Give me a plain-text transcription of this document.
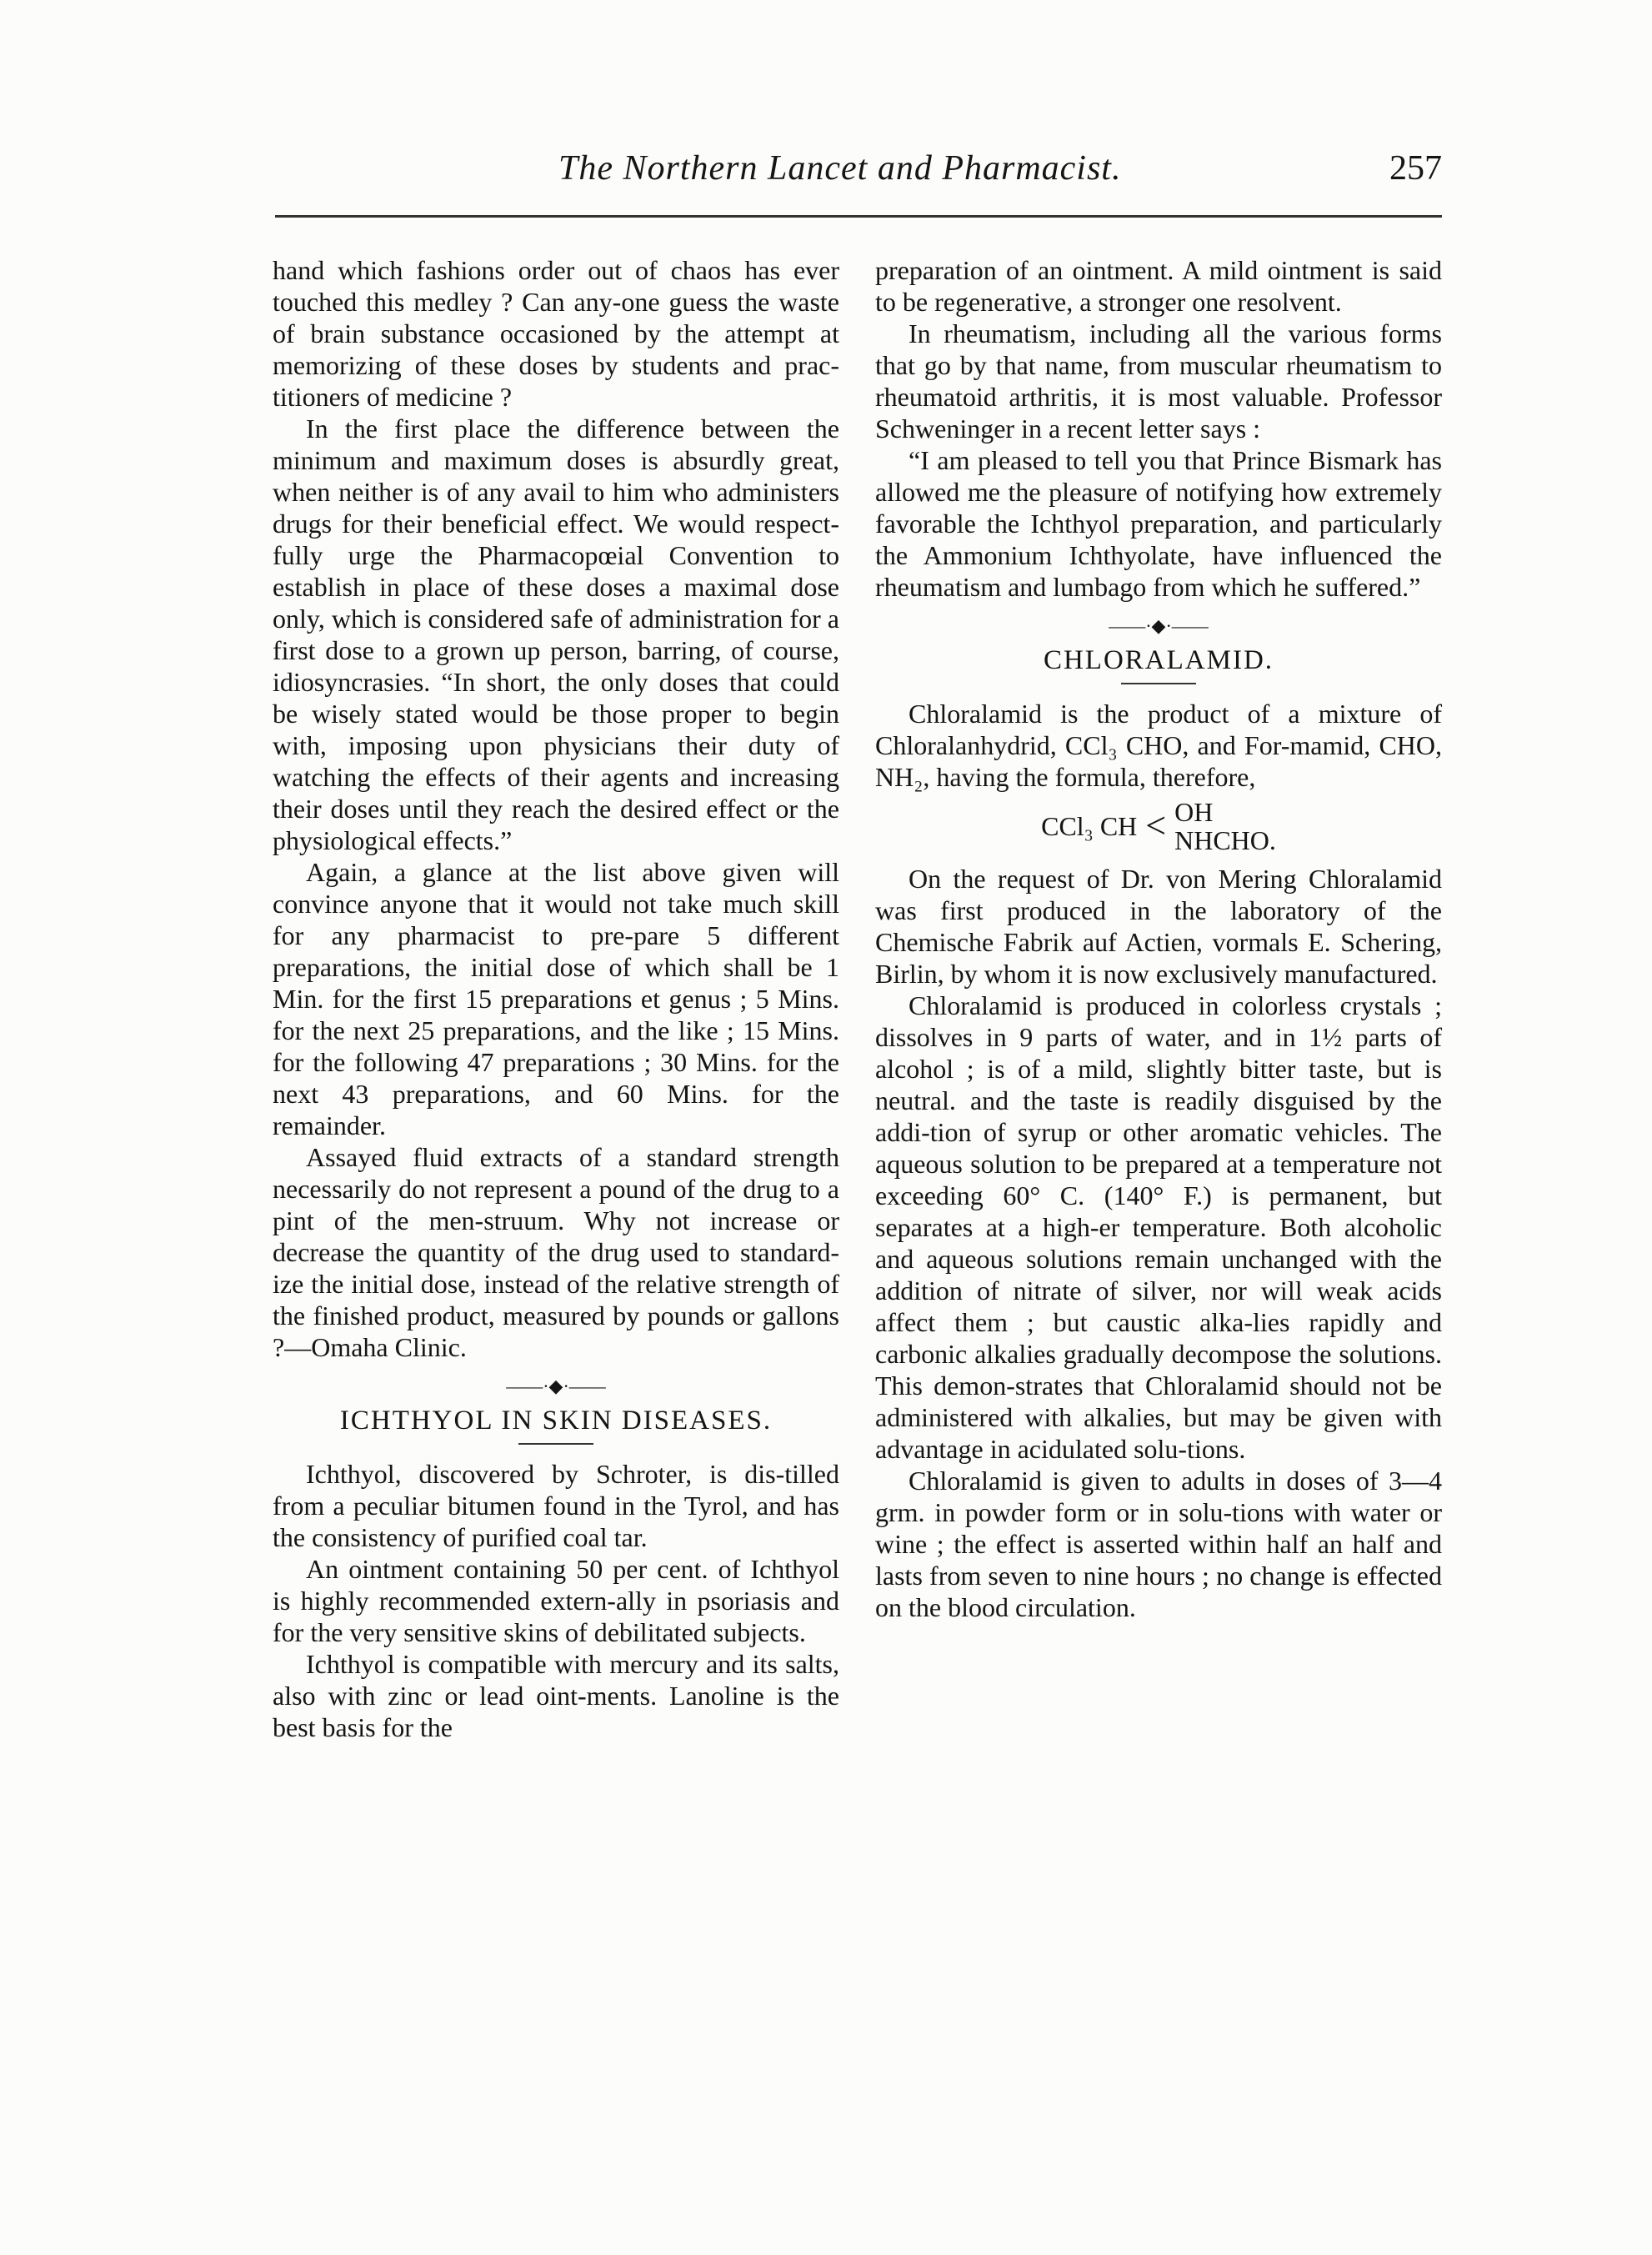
The Northern Lancet and Pharmacist.	257

hand which fashions order out of chaos has ever touched this medley ? Can any-one guess the waste of brain substance occasioned by the attempt at memorizing of these doses by students and prac-titioners of medicine ?

In the first place the difference between the minimum and maximum doses is absurdly great, when neither is of any avail to him who administers drugs for their beneficial effect. We would respect-fully urge the Pharmacopœial Convention to establish in place of these doses a maximal dose only, which is considered safe of administration for a first dose to a grown up person, barring, of course, idiosyncrasies. “In short, the only doses that could be wisely stated would be those proper to begin with, imposing upon physicians their duty of watching the effects of their agents and increasing their doses until they reach the desired effect or the physiological effects.”

Again, a glance at the list above given will convince anyone that it would not take much skill for any pharmacist to pre-pare 5 different preparations, the initial dose of which shall be 1 Min. for the first 15 preparations et genus ; 5 Mins. for the next 25 preparations, and the like ; 15 Mins. for the following 47 preparations ; 30 Mins. for the next 43 preparations, and 60 Mins. for the remainder.

Assayed fluid extracts of a standard strength necessarily do not represent a pound of the drug to a pint of the men-struum. Why not increase or decrease the quantity of the drug used to standard-ize the initial dose, instead of the relative strength of the finished product, measured by pounds or gallons ?—Omaha Clinic.

——·◆·——
ICHTHYOL IN SKIN DISEASES.

Ichthyol, discovered by Schroter, is dis-tilled from a peculiar bitumen found in the Tyrol, and has the consistency of purified coal tar.

An ointment containing 50 per cent. of Ichthyol is highly recommended extern-ally in psoriasis and for the very sensitive skins of debilitated subjects.

Ichthyol is compatible with mercury and its salts, also with zinc or lead oint-ments. Lanoline is the best basis for the

preparation of an ointment. A mild ointment is said to be regenerative, a stronger one resolvent.

In rheumatism, including all the various forms that go by that name, from muscular rheumatism to rheumatoid arthritis, it is most valuable. Professor Schweninger in a recent letter says :

“I am pleased to tell you that Prince Bismark has allowed me the pleasure of notifying how extremely favorable the Ichthyol preparation, and particularly the Ammonium Ichthyolate, have influenced the rheumatism and lumbago from which he suffered.”

——·◆·——
CHLORALAMID.

Chloralamid is the product of a mixture of Chloralanhydrid, CCl₃ CHO, and For-mamid, CHO, NH₂, having the formula, therefore,

CCl₃ CH < OH
NHCHO.

On the request of Dr. von Mering Chloralamid was first produced in the laboratory of the Chemische Fabrik auf Actien, vormals E. Schering, Birlin, by whom it is now exclusively manufactured.

Chloralamid is produced in colorless crystals ; dissolves in 9 parts of water, and in 1½ parts of alcohol ; is of a mild, slightly bitter taste, but is neutral. and the taste is readily disguised by the addi-tion of syrup or other aromatic vehicles. The aqueous solution to be prepared at a temperature not exceeding 60° C. (140° F.) is permanent, but separates at a high-er temperature. Both alcoholic and aqueous solutions remain unchanged with the addition of nitrate of silver, nor will weak acids affect them ; but caustic alka-lies rapidly and carbonic alkalies gradually decompose the solutions. This demon-strates that Chloralamid should not be administered with alkalies, but may be given with advantage in acidulated solu-tions.

Chloralamid is given to adults in doses of 3—4 grm. in powder form or in solu-tions with water or wine ; the effect is asserted within half an half and lasts from seven to nine hours ; no change is effected on the blood circulation.
